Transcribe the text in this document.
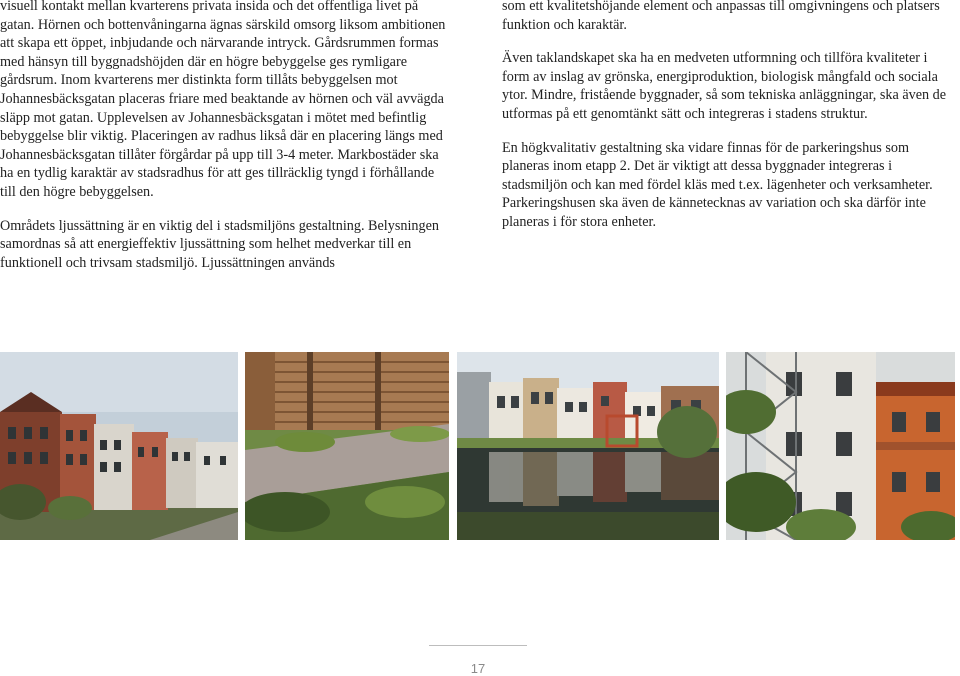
visuell kontakt mellan kvarterens privata insida och det offentliga livet på gatan. Hörnen och bottenvåningarna ägnas särskild omsorg liksom ambitionen att skapa ett öppet, inbjudande och närvarande intryck. Gårdsrummen formas med hänsyn till byggnadshöjden där en högre bebyggelse ges rymligare gårdsrum. Inom kvarterens mer distinkta form tillåts bebyggelsen mot Johannesbäcksgatan placeras friare med beaktande av hörnen och väl avvägda släpp mot gatan. Upplevelsen av Johannesbäcksgatan i mötet med befintlig bebyggelse blir viktig. Placeringen av radhus likså där en placering längs med Johannesbäcksgatan tillåter förgårdar på upp till 3-4 meter. Markbostäder ska ha en tydlig karaktär av stadsradhus för att ges tillräcklig tyngd i förhållande till den högre bebyggelsen.

Områdets ljussättning är en viktig del i stadsmiljöns gestaltning. Belysningen samordnas så att energieffektiv ljussättning som helhet medverkar till en funktionell och trivsam stadsmiljö. Ljussättningen används

som ett kvalitetshöjande element och anpassas till omgivningens och platsers funktion och karaktär.

Även taklandskapet ska ha en medveten utformning och tillföra kvaliteter i form av inslag av grönska, energiproduktion, biologisk mångfald och sociala ytor. Mindre, fristående byggnader, så som tekniska anläggningar, ska även de utformas på ett genomtänkt sätt och integreras i stadens struktur.

En högkvalitativ gestaltning ska vidare finnas för de parkeringshus som planeras inom etapp 2. Det är viktigt att dessa byggnader integreras i stadsmiljön och kan med fördel kläs med t.ex. lägenheter och verksamheter. Parkeringshusen ska även de kännetecknas av variation och ska därför inte planeras i för stora enheter.

17
